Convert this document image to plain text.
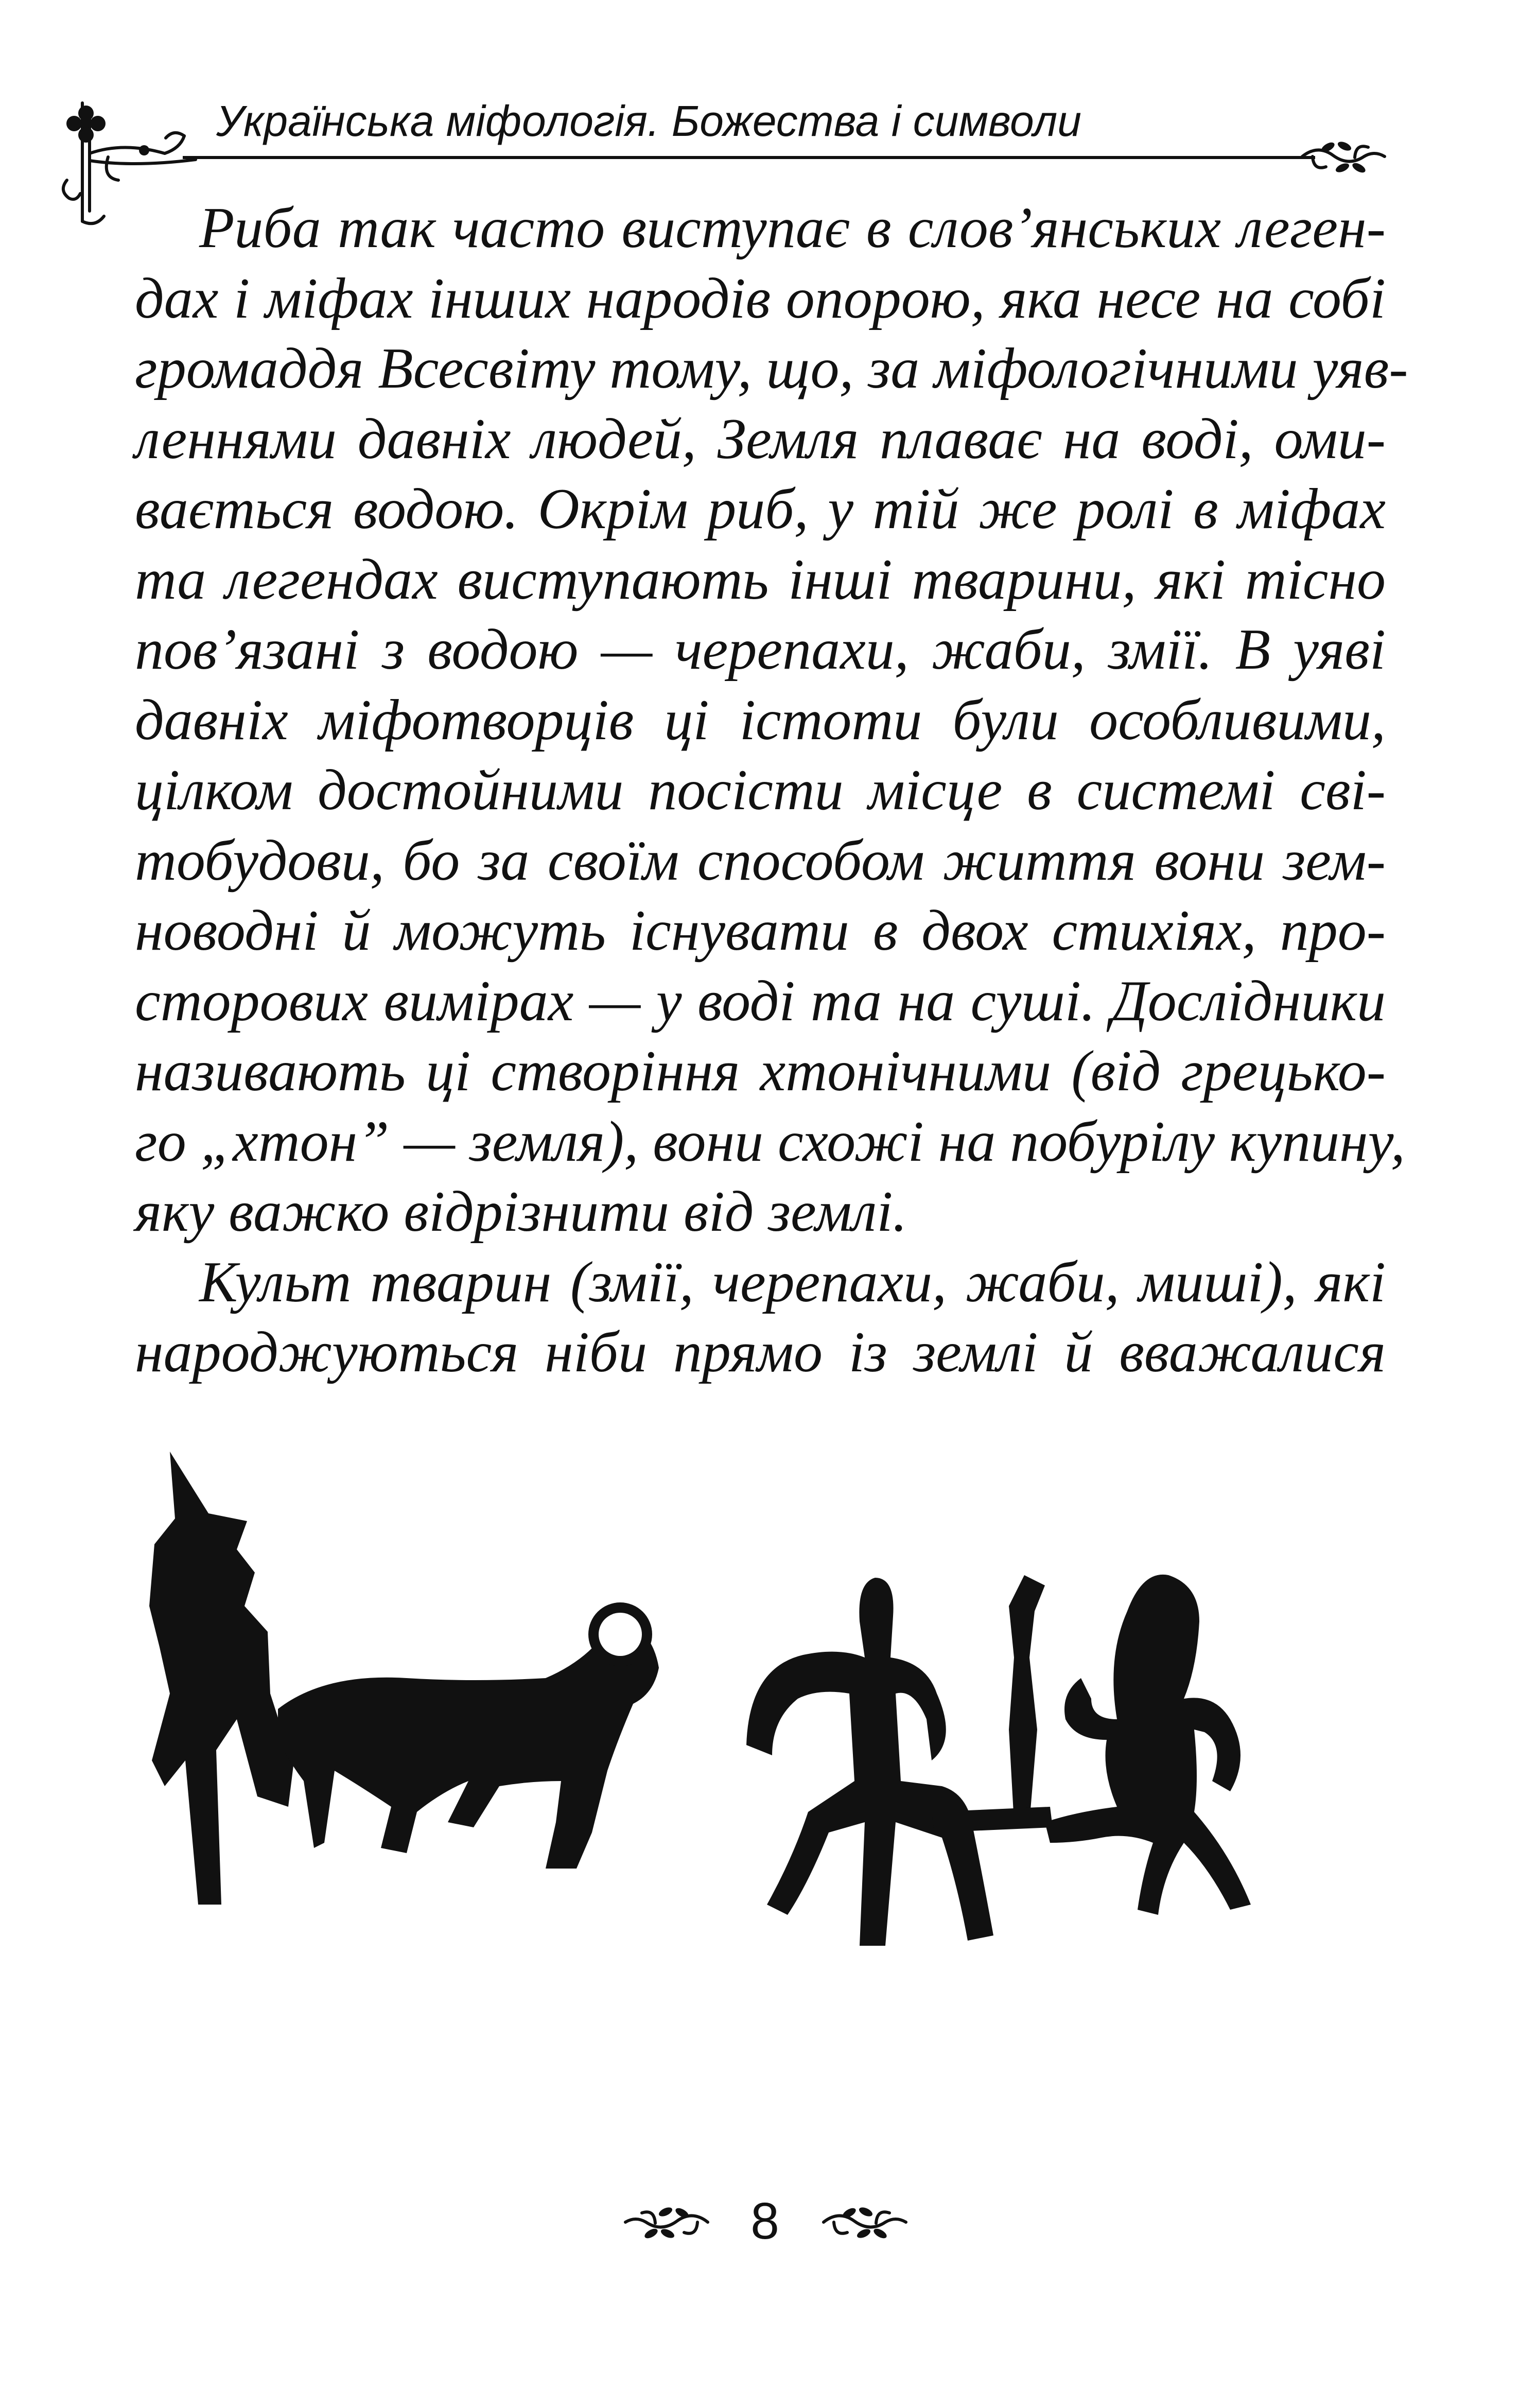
Українська міфологія. Божества і символи
Риба так часто виступає в слов’янських леген-
дах і міфах інших народів опорою, яка несе на собі
громаддя Всесвіту тому, що, за міфологічними уяв-
леннями давніх людей, Земля плаває на воді, оми-
вається водою. Окрім риб, у тій же ролі в міфах
та легендах виступають інші тварини, які тісно
пов’язані з водою — черепахи, жаби, змії. В уяві
давніх міфотворців ці істоти були особливими,
цілком достойними посісти місце в системі сві-
тобудови, бо за своїм способом життя вони зем-
новодні й можуть існувати в двох стихіях, про-
сторових вимірах — у воді та на суші. Дослідники
називають ці створіння хтонічними (від грецько-
го „хтон” — земля), вони схожі на побурілу купину,
яку важко відрізнити від землі.
Культ тварин (змії, черепахи, жаби, миші), які
народжуються ніби прямо із землі й вважалися
8
